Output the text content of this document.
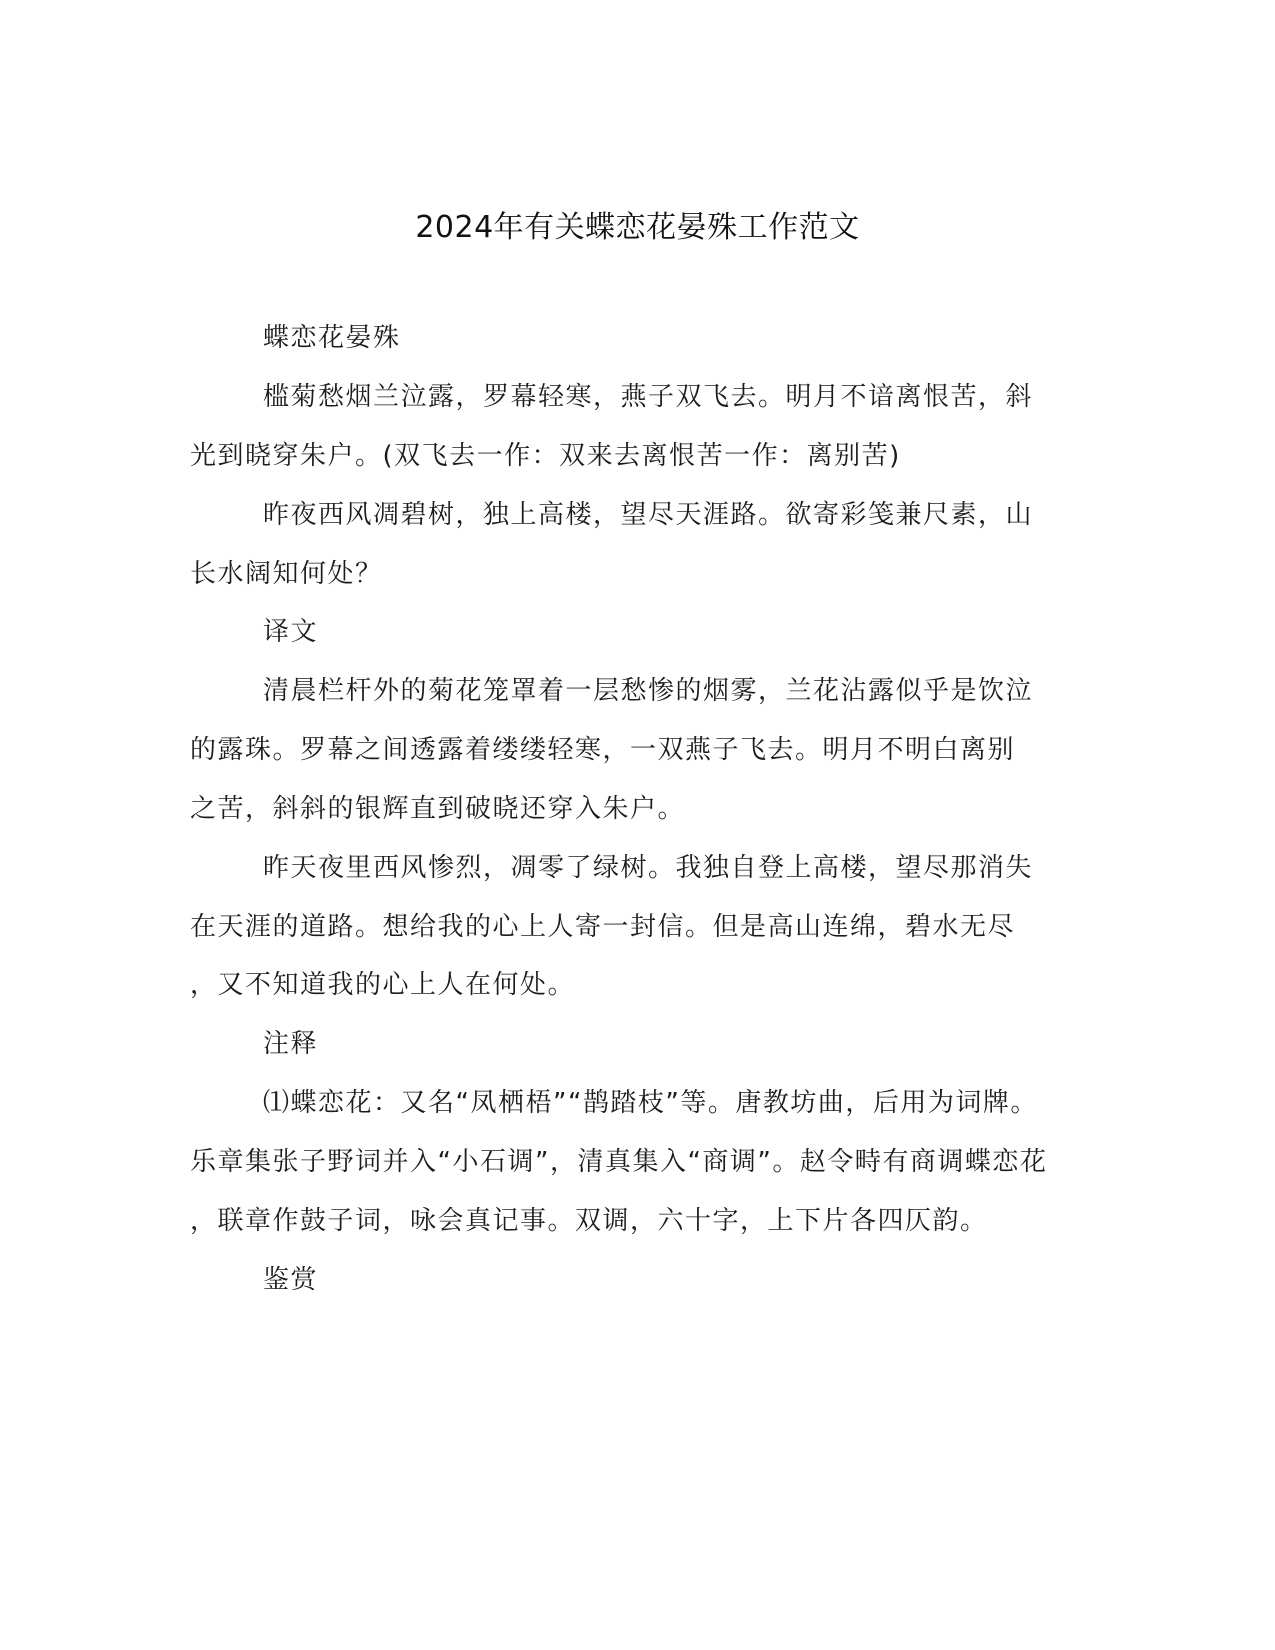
2024年有关蝶恋花晏殊工作范文

蝶恋花晏殊

槛菊愁烟兰泣露，罗幕轻寒，燕子双飞去。明月不谙离恨苦，斜

光到晓穿朱户。(双飞去一作：双来去离恨苦一作：离别苦)

昨夜西风凋碧树，独上高楼，望尽天涯路。欲寄彩笺兼尺素，山

长水阔知何处？

译文

清晨栏杆外的菊花笼罩着一层愁惨的烟雾，兰花沾露似乎是饮泣

的露珠。罗幕之间透露着缕缕轻寒，一双燕子飞去。明月不明白离别

之苦，斜斜的银辉直到破晓还穿入朱户。

昨天夜里西风惨烈，凋零了绿树。我独自登上高楼，望尽那消失

在天涯的道路。想给我的心上人寄一封信。但是高山连绵，碧水无尽

，又不知道我的心上人在何处。

注释

⑴蝶恋花：又名“凤栖梧”“鹊踏枝”等。唐教坊曲，后用为词牌。

乐章集张子野词并入“小石调”，清真集入“商调”。赵令畤有商调蝶恋花

，联章作鼓子词，咏会真记事。双调，六十字，上下片各四仄韵。

鉴赏
